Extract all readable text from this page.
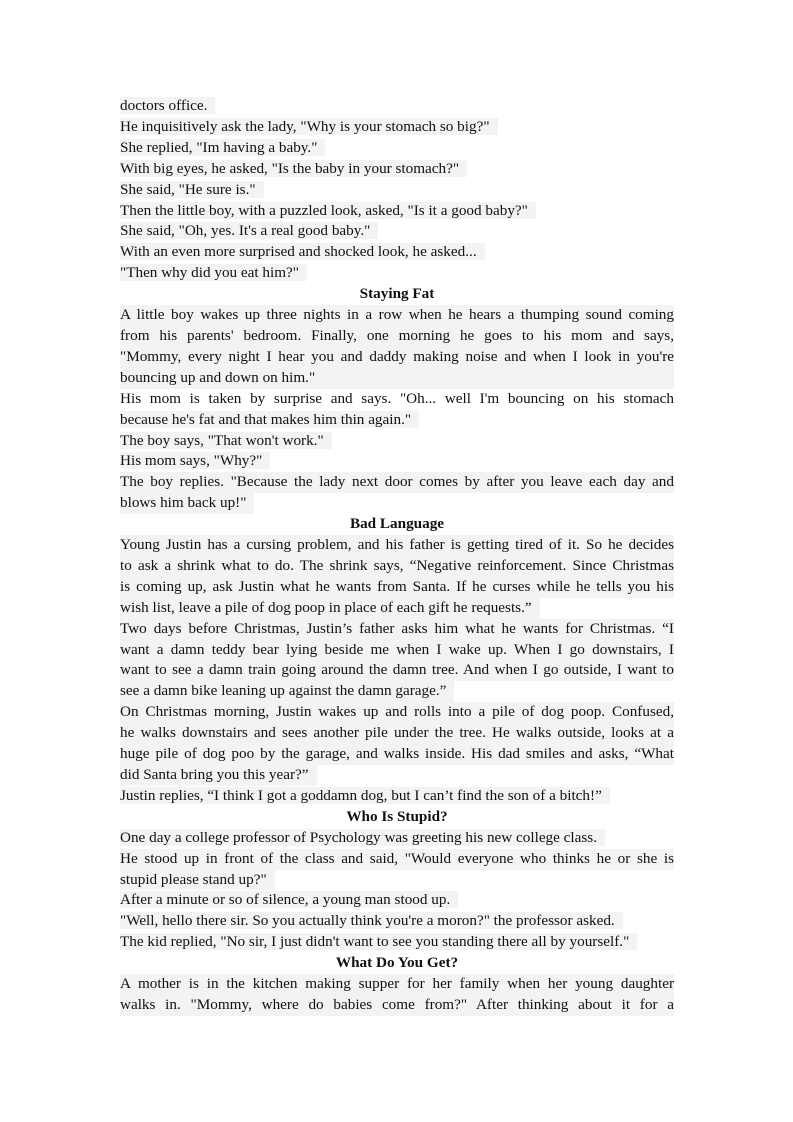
doctors office.
He inquisitively ask the lady, "Why is your stomach so big?"
She replied, "Im having a baby."
With big eyes, he asked, "Is the baby in your stomach?"
She said, "He sure is."
Then the little boy, with a puzzled look, asked, "Is it a good baby?"
She said, "Oh, yes. It's a real good baby."
With an even more surprised and shocked look, he asked...
"Then why did you eat him?"
Staying Fat
A little boy wakes up three nights in a row when he hears a thumping sound coming
from his parents' bedroom. Finally, one morning he goes to his mom and says,
"Mommy, every night I hear you and daddy making noise and when I look in you're
bouncing up and down on him."
His mom is taken by surprise and says. "Oh... well I'm bouncing on his stomach
because he's fat and that makes him thin again."
The boy says, "That won't work."
His mom says, "Why?"
The boy replies. "Because the lady next door comes by after you leave each day and
blows him back up!"
Bad Language
Young Justin has a cursing problem, and his father is getting tired of it. So he decides
to ask a shrink what to do. The shrink says, “Negative reinforcement. Since Christmas
is coming up, ask Justin what he wants from Santa. If he curses while he tells you his
wish list, leave a pile of dog poop in place of each gift he requests.”
Two days before Christmas, Justin’s father asks him what he wants for Christmas. “I
want a damn teddy bear lying beside me when I wake up. When I go downstairs, I
want to see a damn train going around the damn tree. And when I go outside, I want to
see a damn bike leaning up against the damn garage.”
On Christmas morning, Justin wakes up and rolls into a pile of dog poop. Confused,
he walks downstairs and sees another pile under the tree. He walks outside, looks at a
huge pile of dog poo by the garage, and walks inside. His dad smiles and asks, “What
did Santa bring you this year?”
Justin replies, “I think I got a goddamn dog, but I can’t find the son of a bitch!”
Who Is Stupid?
One day a college professor of Psychology was greeting his new college class.
He stood up in front of the class and said, "Would everyone who thinks he or she is
stupid please stand up?"
After a minute or so of silence, a young man stood up.
"Well, hello there sir. So you actually think you're a moron?" the professor asked.
The kid replied, "No sir, I just didn't want to see you standing there all by yourself."
What Do You Get?
A mother is in the kitchen making supper for her family when her young daughter
walks in. "Mommy, where do babies come from?" After thinking about it for a
